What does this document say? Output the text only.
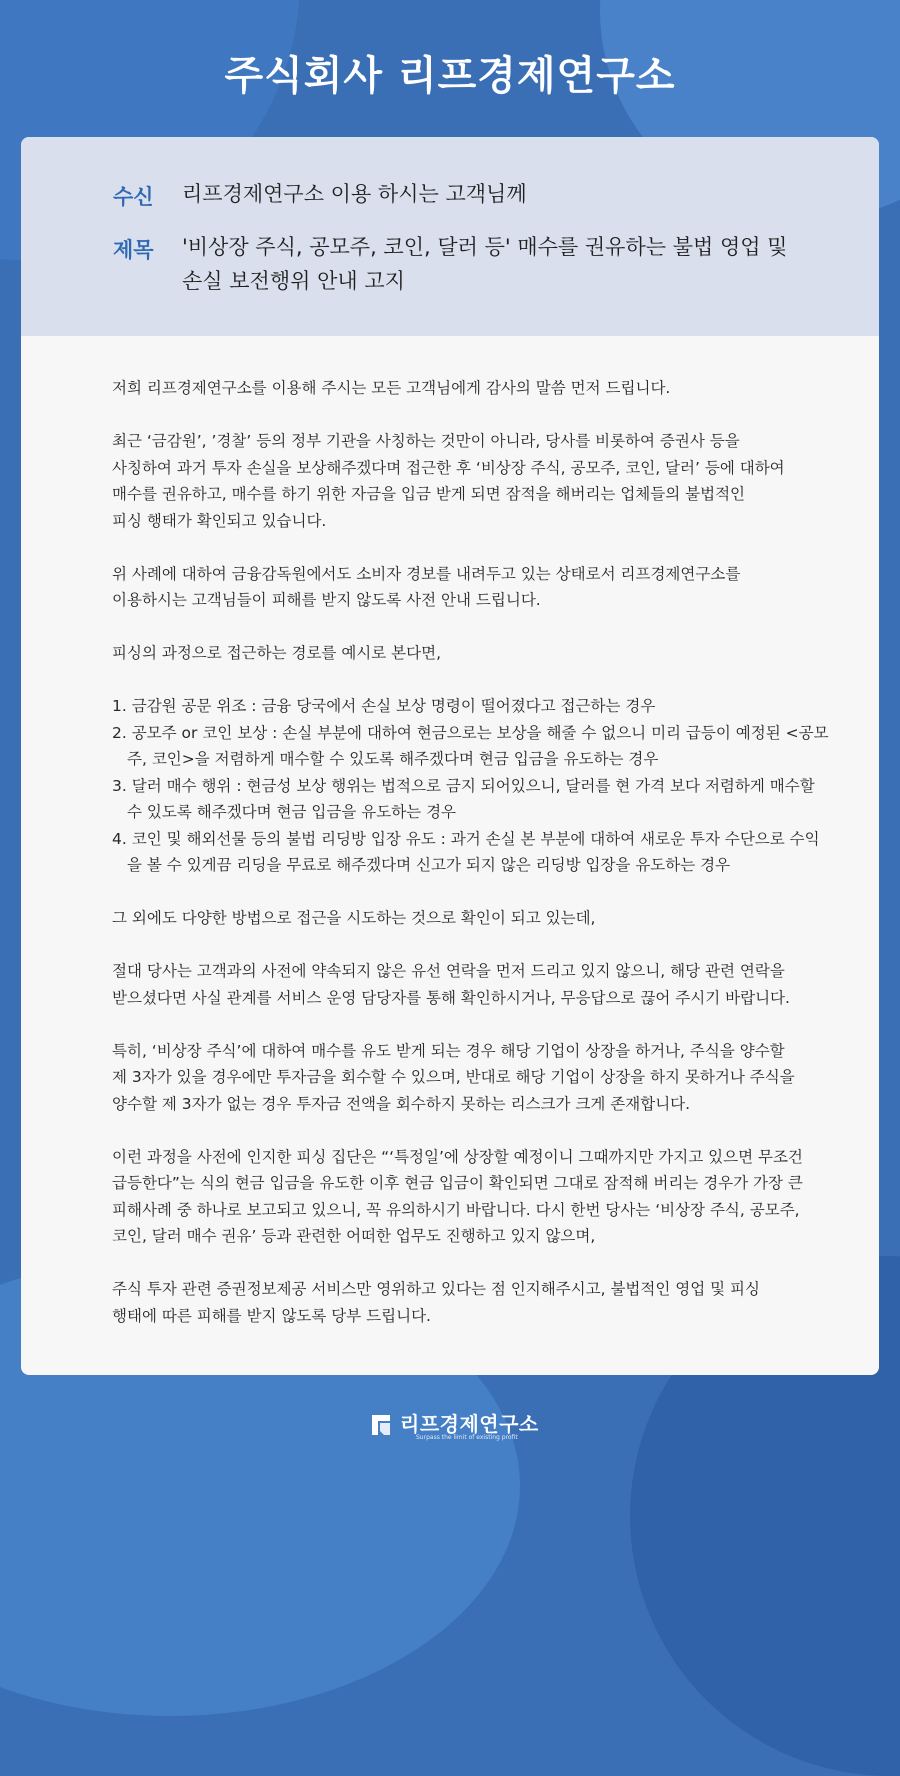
주식회사 리프경제연구소
수신 리프경제연구소 이용 하시는 고객님께
제목 '비상장 주식, 공모주, 코인, 달러 등' 매수를 권유하는 불법 영업 및
손실 보전행위 안내 고지

저희 리프경제연구소를 이용해 주시는 모든 고객님에게 감사의 말씀 먼저 드립니다.

최근 ‘금감원’, ’경찰’ 등의 정부 기관을 사칭하는 것만이 아니라, 당사를 비롯하여 증권사 등을
사칭하여 과거 투자 손실을 보상해주겠다며 접근한 후 ‘비상장 주식, 공모주, 코인, 달러’ 등에 대하여
매수를 권유하고, 매수를 하기 위한 자금을 입금 받게 되면 잠적을 해버리는 업체들의 불법적인
피싱 행태가 확인되고 있습니다.

위 사례에 대하여 금융감독원에서도 소비자 경보를 내려두고 있는 상태로서 리프경제연구소를
이용하시는 고객님들이 피해를 받지 않도록 사전 안내 드립니다.

피싱의 과정으로 접근하는 경로를 예시로 본다면,

1. 금감원 공문 위조 : 금융 당국에서 손실 보상 명령이 떨어졌다고 접근하는 경우
2. 공모주 or 코인 보상 : 손실 부분에 대하여 현금으로는 보상을 해줄 수 없으니 미리 급등이 예정된 <공모주, 코인>을 저렴하게 매수할 수 있도록 해주겠다며 현금 입금을 유도하는 경우
3. 달러 매수 행위 : 현금성 보상 행위는 법적으로 금지 되어있으니, 달러를 현 가격 보다 저렴하게 매수할 수 있도록 해주겠다며 현금 입금을 유도하는 경우
4. 코인 및 해외선물 등의 불법 리딩방 입장 유도 : 과거 손실 본 부분에 대하여 새로운 투자 수단으로 수익을 볼 수 있게끔 리딩을 무료로 해주겠다며 신고가 되지 않은 리딩방 입장을 유도하는 경우

그 외에도 다양한 방법으로 접근을 시도하는 것으로 확인이 되고 있는데,

절대 당사는 고객과의 사전에 약속되지 않은 유선 연락을 먼저 드리고 있지 않으니, 해당 관련 연락을
받으셨다면 사실 관계를 서비스 운영 담당자를 통해 확인하시거나, 무응답으로 끊어 주시기 바랍니다.

특히, ‘비상장 주식’에 대하여 매수를 유도 받게 되는 경우 해당 기업이 상장을 하거나, 주식을 양수할
제 3자가 있을 경우에만 투자금을 회수할 수 있으며, 반대로 해당 기업이 상장을 하지 못하거나 주식을
양수할 제 3자가 없는 경우 투자금 전액을 회수하지 못하는 리스크가 크게 존재합니다.

이런 과정을 사전에 인지한 피싱 집단은 “‘특정일’에 상장할 예정이니 그때까지만 가지고 있으면 무조건
급등한다”는 식의 현금 입금을 유도한 이후 현금 입금이 확인되면 그대로 잠적해 버리는 경우가 가장 큰
피해사례 중 하나로 보고되고 있으니, 꼭 유의하시기 바랍니다. 다시 한번 당사는 ‘비상장 주식, 공모주,
코인, 달러 매수 권유’ 등과 관련한 어떠한 업무도 진행하고 있지 않으며,

주식 투자 관련 증권정보제공 서비스만 영위하고 있다는 점 인지해주시고, 불법적인 영업 및 피싱
행태에 따른 피해를 받지 않도록 당부 드립니다.

리프경제연구소
Surpass the limit of existing profit
